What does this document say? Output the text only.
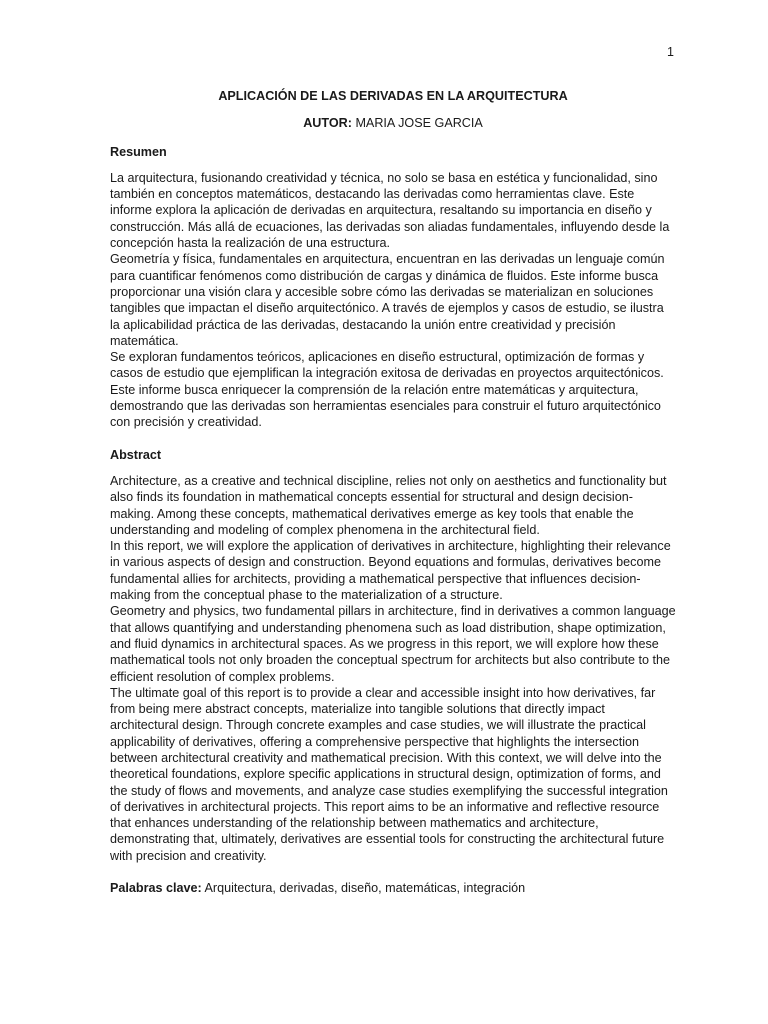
1
APLICACIÓN DE LAS DERIVADAS EN LA ARQUITECTURA
AUTOR: MARIA JOSE GARCIA
Resumen

La arquitectura, fusionando creatividad y técnica, no solo se basa en estética y funcionalidad, sino también en conceptos matemáticos, destacando las derivadas como herramientas clave. Este informe explora la aplicación de derivadas en arquitectura, resaltando su importancia en diseño y construcción. Más allá de ecuaciones, las derivadas son aliadas fundamentales, influyendo desde la concepción hasta la realización de una estructura.

Geometría y física, fundamentales en arquitectura, encuentran en las derivadas un lenguaje común para cuantificar fenómenos como distribución de cargas y dinámica de fluidos. Este informe busca proporcionar una visión clara y accesible sobre cómo las derivadas se materializan en soluciones tangibles que impactan el diseño arquitectónico. A través de ejemplos y casos de estudio, se ilustra la aplicabilidad práctica de las derivadas, destacando la unión entre creatividad y precisión matemática.

Se exploran fundamentos teóricos, aplicaciones en diseño estructural, optimización de formas y casos de estudio que ejemplifican la integración exitosa de derivadas en proyectos arquitectónicos. Este informe busca enriquecer la comprensión de la relación entre matemáticas y arquitectura, demostrando que las derivadas son herramientas esenciales para construir el futuro arquitectónico con precisión y creatividad.

Abstract

Architecture, as a creative and technical discipline, relies not only on aesthetics and functionality but also finds its foundation in mathematical concepts essential for structural and design decision-making. Among these concepts, mathematical derivatives emerge as key tools that enable the understanding and modeling of complex phenomena in the architectural field.

In this report, we will explore the application of derivatives in architecture, highlighting their relevance in various aspects of design and construction. Beyond equations and formulas, derivatives become fundamental allies for architects, providing a mathematical perspective that influences decision-making from the conceptual phase to the materialization of a structure.

Geometry and physics, two fundamental pillars in architecture, find in derivatives a common language that allows quantifying and understanding phenomena such as load distribution, shape optimization, and fluid dynamics in architectural spaces. As we progress in this report, we will explore how these mathematical tools not only broaden the conceptual spectrum for architects but also contribute to the efficient resolution of complex problems.

The ultimate goal of this report is to provide a clear and accessible insight into how derivatives, far from being mere abstract concepts, materialize into tangible solutions that directly impact architectural design. Through concrete examples and case studies, we will illustrate the practical applicability of derivatives, offering a comprehensive perspective that highlights the intersection between architectural creativity and mathematical precision. With this context, we will delve into the theoretical foundations, explore specific applications in structural design, optimization of forms, and the study of flows and movements, and analyze case studies exemplifying the successful integration of derivatives in architectural projects. This report aims to be an informative and reflective resource that enhances understanding of the relationship between mathematics and architecture, demonstrating that, ultimately, derivatives are essential tools for constructing the architectural future with precision and creativity.

Palabras clave: Arquitectura, derivadas, diseño, matemáticas, integración
